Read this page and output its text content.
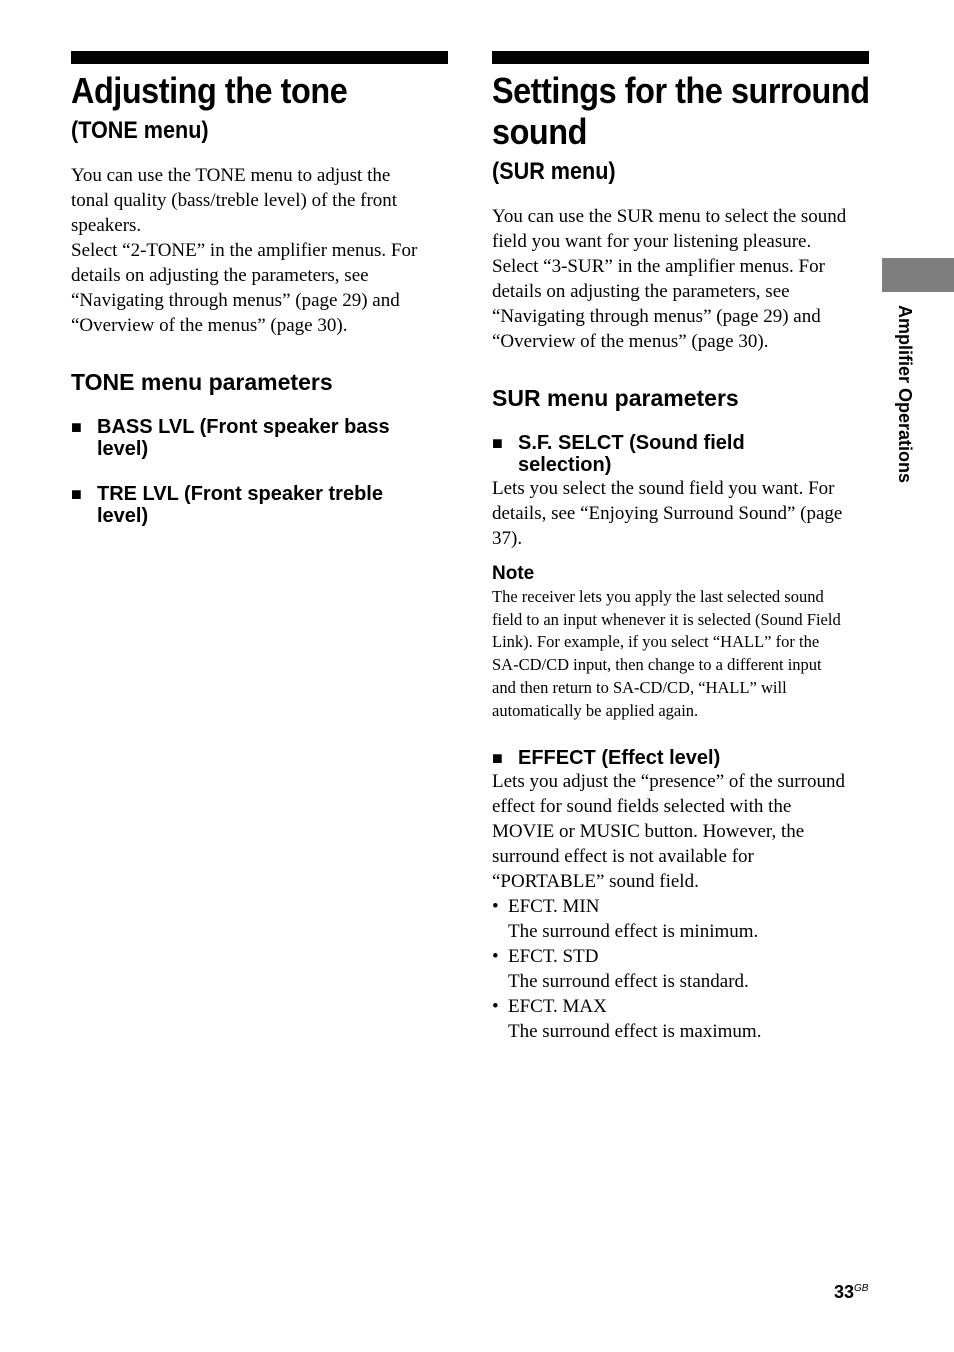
Adjusting the tone
(TONE menu)
You can use the TONE menu to adjust the
tonal quality (bass/treble level) of the front
speakers.
Select “2-TONE” in the amplifier menus. For
details on adjusting the parameters, see
“Navigating through menus” (page 29) and
“Overview of the menus” (page 30).
TONE menu parameters
■ BASS LVL (Front speaker bass
level)
■ TRE LVL (Front speaker treble
level)
Settings for the surround
sound
(SUR menu)
You can use the SUR menu to select the sound
field you want for your listening pleasure.
Select “3-SUR” in the amplifier menus. For
details on adjusting the parameters, see
“Navigating through menus” (page 29) and
“Overview of the menus” (page 30).
SUR menu parameters
■ S.F. SELCT (Sound field
selection)
Lets you select the sound field you want. For
details, see “Enjoying Surround Sound” (page
37).
Note
The receiver lets you apply the last selected sound
field to an input whenever it is selected (Sound Field
Link). For example, if you select “HALL” for the
SA-CD/CD input, then change to a different input
and then return to SA-CD/CD, “HALL” will
automatically be applied again.
■ EFFECT (Effect level)
Lets you adjust the “presence” of the surround
effect for sound fields selected with the
MOVIE or MUSIC button. However, the
surround effect is not available for
“PORTABLE” sound field.
• EFCT. MIN
The surround effect is minimum.
• EFCT. STD
The surround effect is standard.
• EFCT. MAX
The surround effect is maximum.
Amplifier Operations
$33^{GB}$
